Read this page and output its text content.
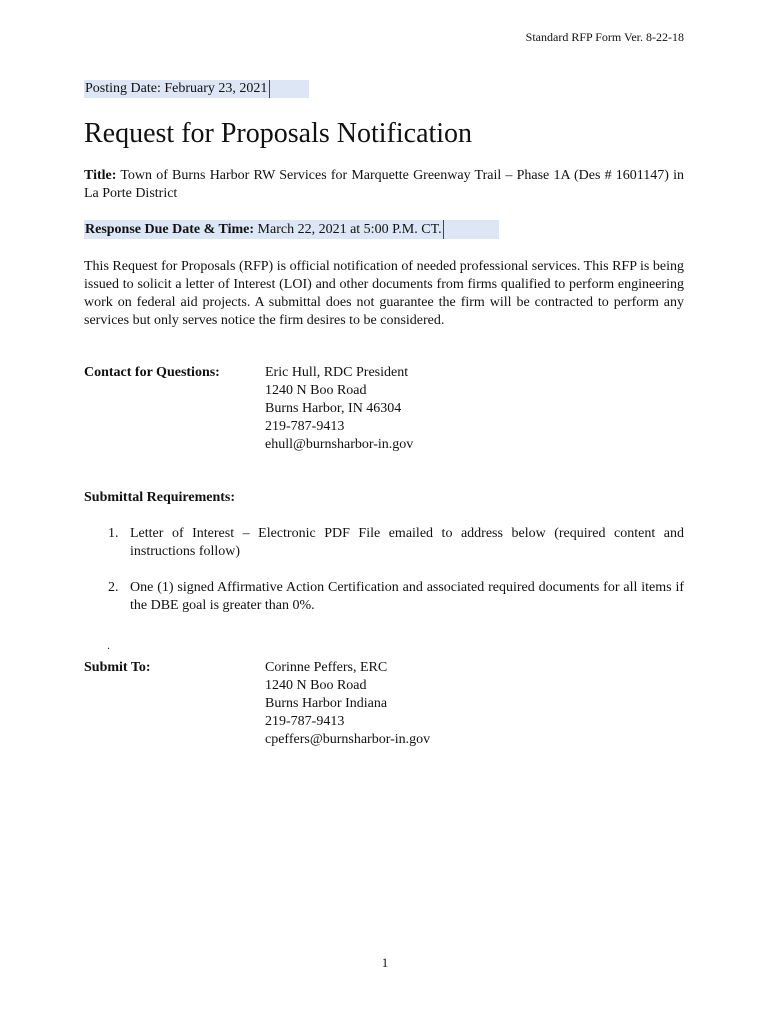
Standard RFP Form Ver. 8-22-18
Posting Date: February 23, 2021
Request for Proposals Notification
Title: Town of Burns Harbor RW Services for Marquette Greenway Trail – Phase 1A (Des # 1601147) in La Porte District
Response Due Date & Time: March 22, 2021 at 5:00 P.M. CT.
This Request for Proposals (RFP) is official notification of needed professional services. This RFP is being issued to solicit a letter of Interest (LOI) and other documents from firms qualified to perform engineering work on federal aid projects. A submittal does not guarantee the firm will be contracted to perform any services but only serves notice the firm desires to be considered.
Contact for Questions:	Eric Hull, RDC President
1240 N Boo Road
Burns Harbor, IN 46304
219-787-9413
ehull@burnsharbor-in.gov
Submittal Requirements:
1. Letter of Interest – Electronic PDF File emailed to address below (required content and instructions follow)
2. One (1) signed Affirmative Action Certification and associated required documents for all items if the DBE goal is greater than 0%.
.
Submit To:	Corinne Peffers, ERC
1240 N Boo Road
Burns Harbor Indiana
219-787-9413
cpeffers@burnsharbor-in.gov
1
